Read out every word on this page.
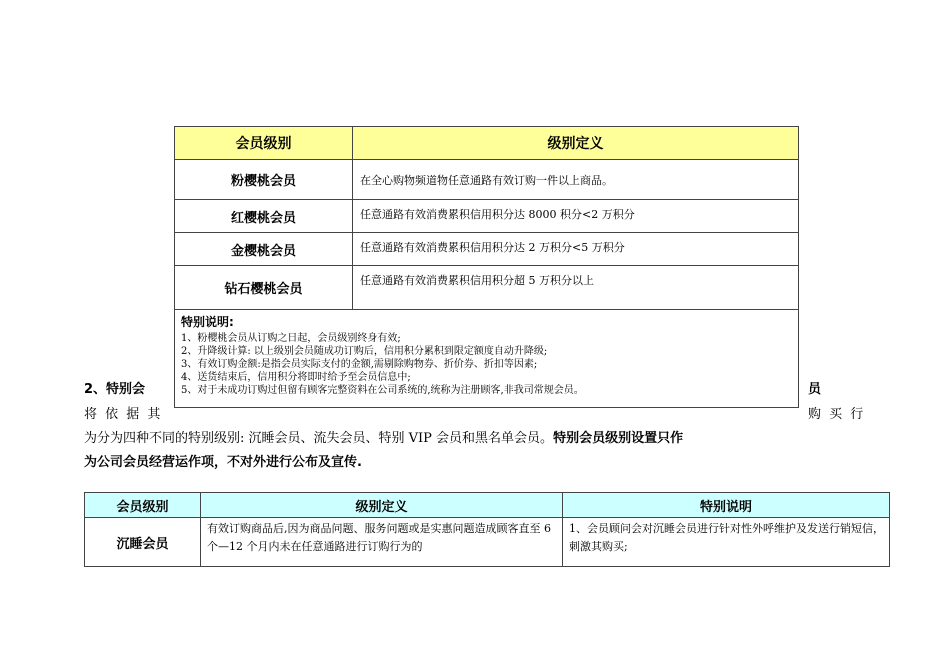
2、特别会	员
将 依 据 其	购 买 行
为分为四种不同的特别级别: 沉睡会员、流失会员、特别 VIP 会员和黑名单会员。特别会员级别设置只作
为公司会员经营运作项，不对外进行公布及宣传.
会员级别	级别定义
粉樱桃会员	在全心购物频道物任意通路有效订购一件以上商品。
红樱桃会员	任意通路有效消费累积信用积分达 8000 积分<2 万积分
金樱桃会员	任意通路有效消费累积信用积分达 2 万积分<5 万积分
钻石樱桃会员	任意通路有效消费累积信用积分超 5 万积分以上
特别说明:
1、粉樱桃会员从订购之日起，会员级别终身有效;
2、升降级计算: 以上级别会员随成功订购后，信用积分累积到限定额度自动升降级;
3、有效订购金额:是指会员实际支付的金额,需剔除购物券、折价券、折扣等因素;
4、送货结束后，信用积分将即时给予至会员信息中;
5、对于未成功订购过但留有顾客完整资料在公司系统的,统称为注册顾客,非我司常规会员。
会员级别	级别定义	特别说明
沉睡会员	有效订购商品后,因为商品问题、服务问题或是实惠问题造成顾客直至 6 个—12 个月内未在任意通路进行订购行为的	1、会员顾问会对沉睡会员进行针对性外呼维护及发送行销短信，刺激其购买;
